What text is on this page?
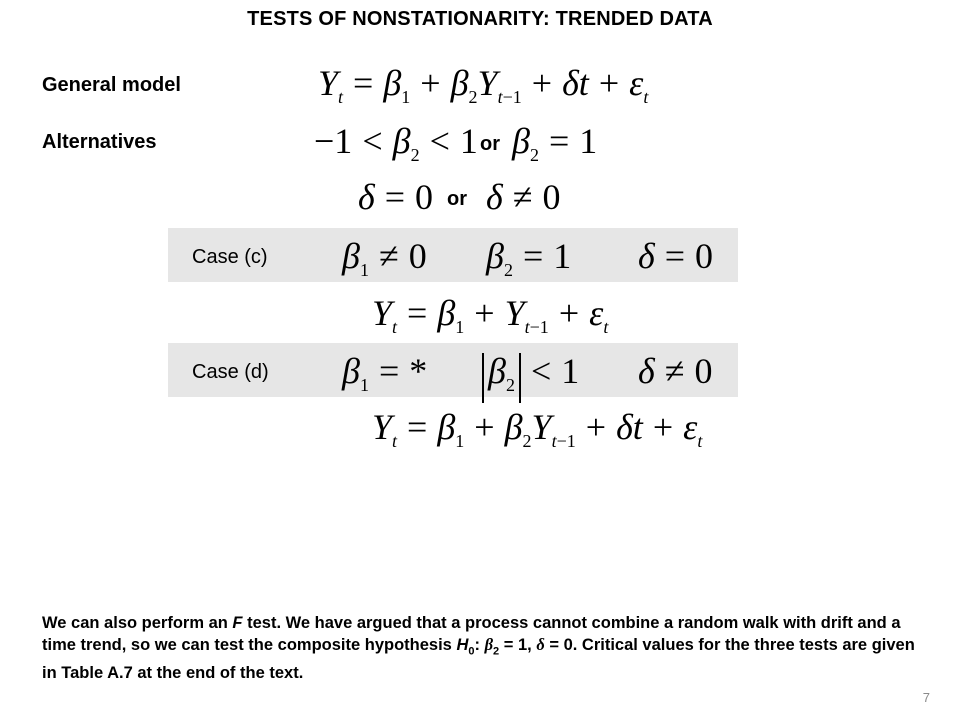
TESTS OF NONSTATIONARITY: TRENDED DATA
General model	$Y_t = \beta_1 + \beta_2Y_{t-1} + \delta t + \varepsilon_t$
Alternatives	$-1 < \beta_2 < 1$ or $\beta_2 = 1$
δ = 0 or δ ≠ 0
Case (c) $\beta_1 \ne 0$ $\beta_2 = 1$ δ = 0
$Y_t = \beta_1 + Y_{t-1} + \varepsilon_t$
Case (d) $\beta_1$ = * $\beta_2 < 1$ δ ≠ 0
$Y_t = \beta_1 + \beta_2Y_{t-1} + \delta t + \varepsilon_t$
We can also perform an F test. We have argued that a process cannot combine a random walk with drift and a time trend, so we can test the composite hypothesis $H_0$: $\beta_2 = 1$, δ = 0. Critical values for the three tests are given in Table A.7 at the end of the text.
7
